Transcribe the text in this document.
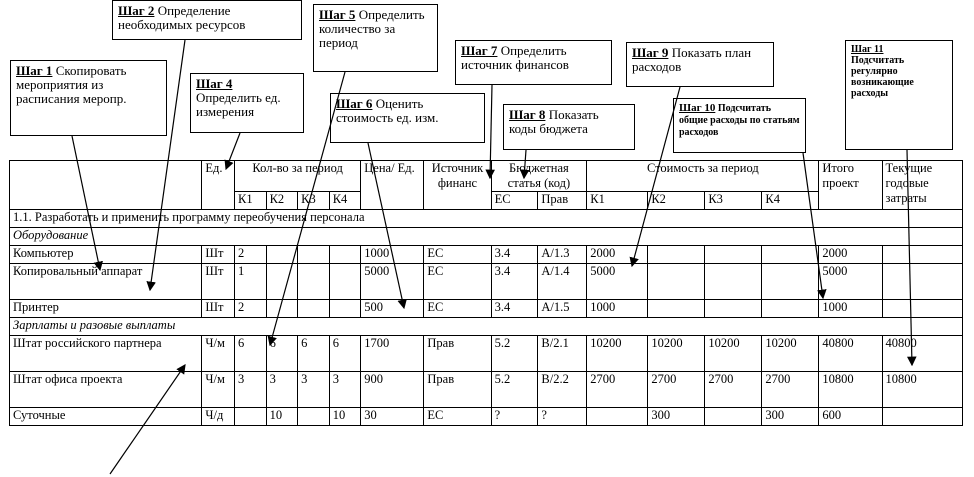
Шаг 1 Скопировать мероприятия из расписания меропр.
Шаг 2 Определение необходимых ресурсов
Шаг 4 Определить ед. измерения
Шаг 5 Определить количество за период
Шаг 6 Оценить стоимость ед. изм.
Шаг 7 Определить источник финансов
Шаг 8 Показать коды бюджета
Шаг 9 Показать план расходов
Шаг 10 Подсчитать общие расходы по статьям расходов
Шаг 11
Подсчитать регулярно возникающие расходы
	Ед.	Кол-во за период				Цена/ Ед.	Источник финанс	Бюджетная статья (код)		Стоимость за период				Итого проект	Текущие годовые затраты
		К1	К2	К3	К4			ЕС	Прав	К1	К2	К3	К4		
1.1. Разработать и применить программу переобучения персонала															
Оборудование															
Компьютер	Шт	2				1000	ЕС	3.4	А/1.3	2000				2000	
Копировальный аппарат	Шт	1				5000	ЕС	3.4	А/1.4	5000				5000	
Принтер	Шт	2				500	ЕС	3.4	А/1.5	1000				1000	
Зарплаты и разовые выплаты															
Штат российского партнера	Ч/м	6	6	6	6	1700	Прав	5.2	В/2.1	10200	10200	10200	10200	40800	40800
Штат офиса проекта	Ч/м	3	3	3	3	900	Прав	5.2	В/2.2	2700	2700	2700	2700	10800	10800
Суточные	Ч/д		10		10	30	ЕС	?	?		300		300	600	
